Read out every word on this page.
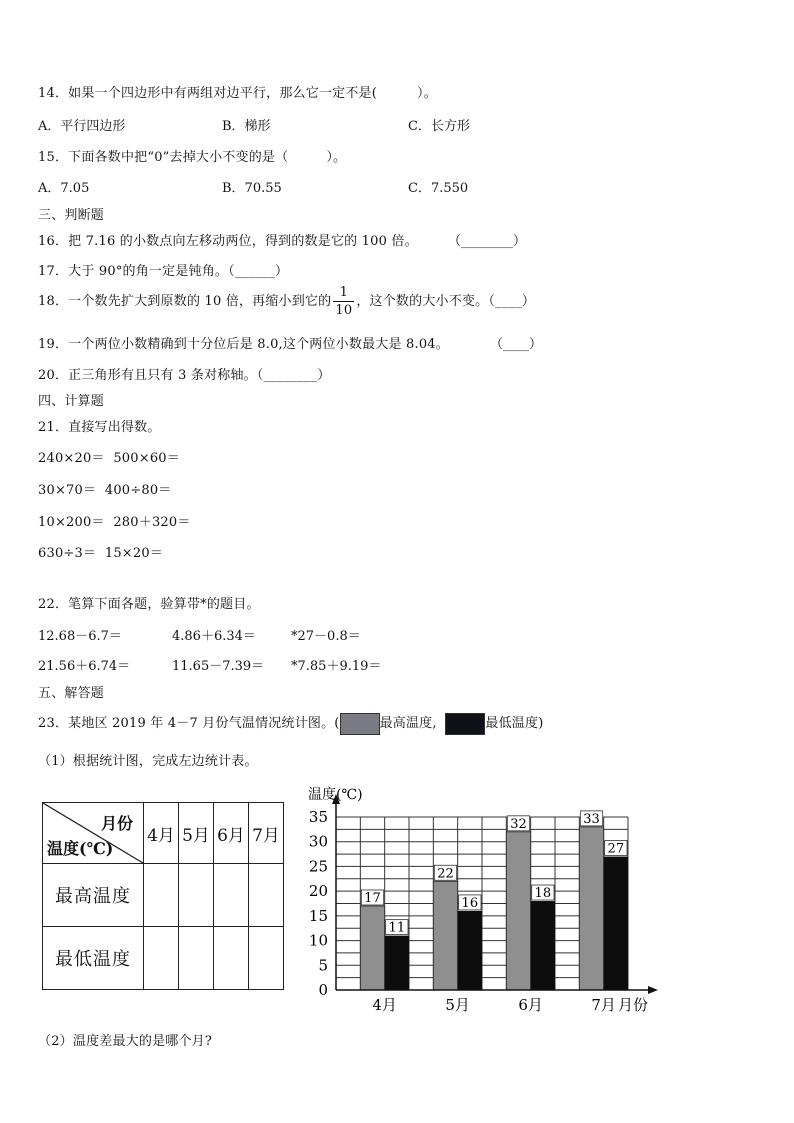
14．如果一个四边形中有两组对边平行，那么它一定不是(	）。
A．平行四边形	B．梯形	C．长方形
15．下面各数中把“0”去掉大小不变的是（	）。
A．7.05	B．70.55	C．7.550
三、判断题
16．把 7.16 的小数点向左移动两位，得到的数是它的 100 倍。 （________）
17．大于 90°的角一定是钝角。（______）
18．一个数先扩大到原数的 10 倍，再缩小到它的 $\frac{1}{10}$ ，这个数的大小不变。（____）
19．一个两位小数精确到十分位后是 8.0,这个两位小数最大是 8.04。	（____）
20．正三角形有且只有 3 条对称轴。（________）
四、计算题
21．直接写出得数。
240×20＝ 500×60＝
30×70＝ 400÷80＝
10×200＝ 280＋320＝
630÷3＝ 15×20＝
22．笔算下面各题，验算带*的题目。
12.68－6.7＝	4.86＋6.34＝	*27－0.8＝
21.56＋6.74＝	11.65－7.39＝ *7.85＋9.19＝
五、解答题
23．某地区 2019 年 4－7 月份气温情况统计图。(	最高温度,	最低温度)
（1）根据统计图，完成左边统计表。
月份
温度(℃)	4月	5月	6月	7月
最高温度				
最低温度				
17
11
4月
22
16
5月
32
18
6月
33
27
7月
0
5
10
15
20
25
30
35
温度(℃)
月份
（2）温度差最大的是哪个月?
